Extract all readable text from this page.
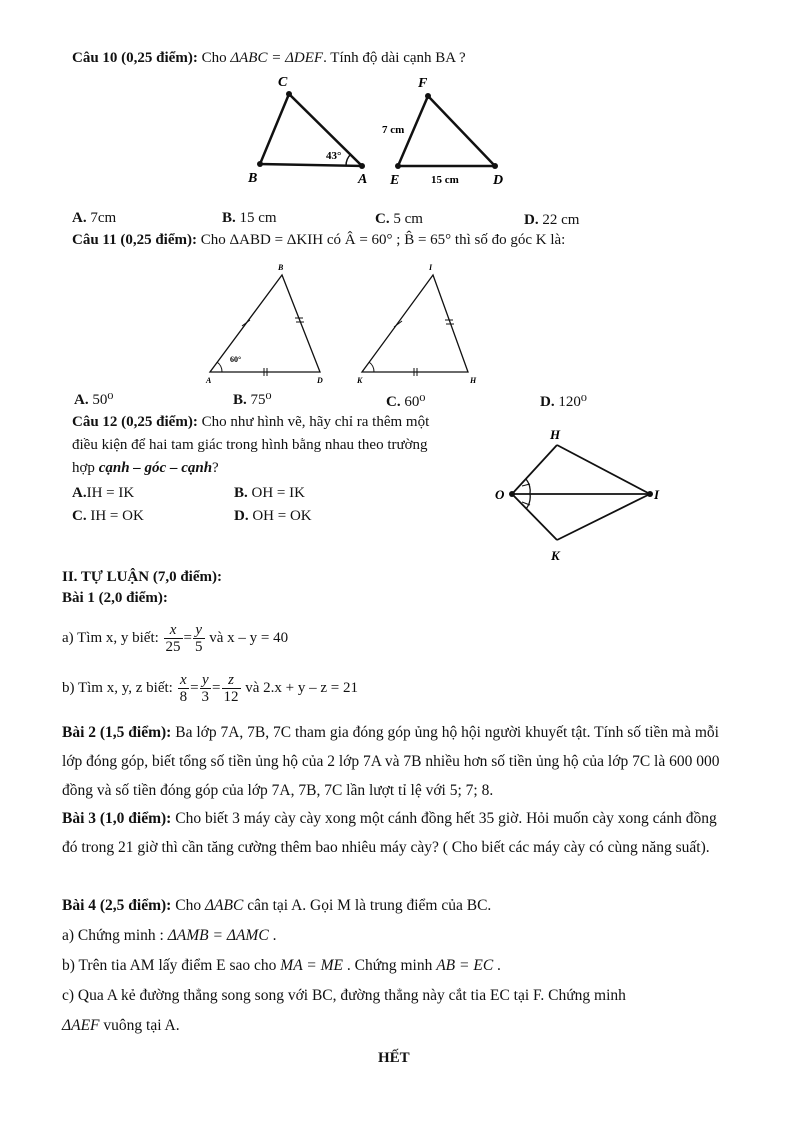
Câu 10 (0,25 điểm): Cho ΔABC = ΔDEF. Tính độ dài cạnh BA ?
C
B	A
43°
F
E	D
7 cm
15 cm
A. 7cm	B. 15 cm	C. 5 cm	D. 22 cm
Câu 11 (0,25 điểm): Cho ΔABD = ΔKIH có Â = 60° ; B̂ = 65° thì số đo góc K là:
B
A	D
60°
I
K	H
A. 50⁰	B. 75⁰	C. 60⁰	D. 120⁰
Câu 12 (0,25 điểm): Cho như hình vẽ, hãy chỉ ra thêm một
điều kiện để hai tam giác trong hình bằng nhau theo trường
hợp cạnh – góc – cạnh?
A.IH = IK	B. OH = IK
C. IH = OK	D. OH = OK
H
O	I
K
II. TỰ LUẬN (7,0 điểm):
Bài 1 (2,0 điểm):
a) Tìm x, y biết: $\frac{x}{25} = \frac{y}{5}$ và x – y = 40
b) Tìm x, y, z biết: $\frac{x}{8} = \frac{y}{3} = \frac{z}{12}$ và 2.x + y – z = 21
Bài 2 (1,5 điểm): Ba lớp 7A, 7B, 7C tham gia đóng góp ủng hộ hội người khuyết tật. Tính số tiền mà mỗi lớp đóng góp, biết tổng số tiền ủng hộ của 2 lớp 7A và 7B nhiều hơn số tiền ủng hộ của lớp 7C là 600 000 đồng và số tiền đóng góp của lớp 7A, 7B, 7C lần lượt tỉ lệ với 5; 7; 8.
Bài 3 (1,0 điểm): Cho biết 3 máy cày cày xong một cánh đồng hết 35 giờ. Hỏi muốn cày xong cánh đồng đó trong 21 giờ thì cần tăng cường thêm bao nhiêu máy cày? ( Cho biết các máy cày có cùng năng suất).
Bài 4 (2,5 điểm): Cho ΔABC cân tại A. Gọi M là trung điểm của BC.
a) Chứng minh : ΔAMB = ΔAMC .
b) Trên tia AM lấy điểm E sao cho MA = ME . Chứng minh AB = EC .
c) Qua A kẻ đường thẳng song song với BC, đường thẳng này cắt tia EC tại F. Chứng minh
ΔAEF vuông tại A.
HẾT
